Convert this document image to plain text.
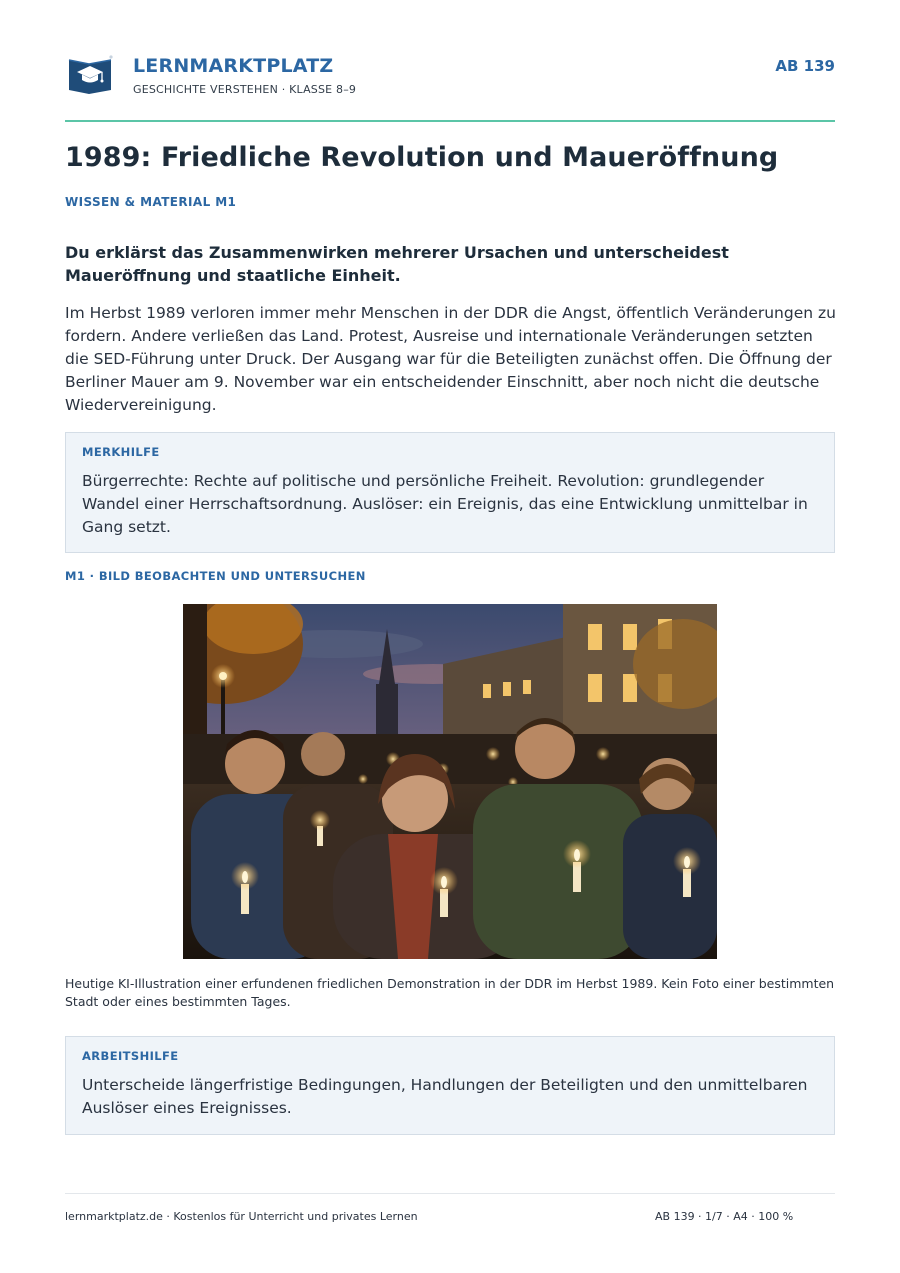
LERNMARKTPLATZ
GESCHICHTE VERSTEHEN · KLASSE 8–9
AB 139
1989: Friedliche Revolution und Maueröffnung
WISSEN & MATERIAL M1
Du erklärst das Zusammenwirken mehrerer Ursachen und unterscheidest Maueröffnung und staatliche Einheit.
Im Herbst 1989 verloren immer mehr Menschen in der DDR die Angst, öffentlich Veränderungen zu fordern. Andere verließen das Land. Protest, Ausreise und internationale Veränderungen setzten die SED-Führung unter Druck. Der Ausgang war für die Beteiligten zunächst offen. Die Öffnung der Berliner Mauer am 9. November war ein entscheidender Einschnitt, aber noch nicht die deutsche Wiedervereinigung.
MERKHILFE
Bürgerrechte: Rechte auf politische und persönliche Freiheit. Revolution: grundlegender Wandel einer Herrschaftsordnung. Auslöser: ein Ereignis, das eine Entwicklung unmittelbar in Gang setzt.
M1 · BILD BEOBACHTEN UND UNTERSUCHEN
Heutige KI-Illustration einer erfundenen friedlichen Demonstration in der DDR im Herbst 1989. Kein Foto einer bestimmten Stadt oder eines bestimmten Tages.
ARBEITSHILFE
Unterscheide längerfristige Bedingungen, Handlungen der Beteiligten und den unmittelbaren Auslöser eines Ereignisses.
lernmarktplatz.de · Kostenlos für Unterricht und privates Lernen	AB 139 · 1/7 · A4 · 100 %
